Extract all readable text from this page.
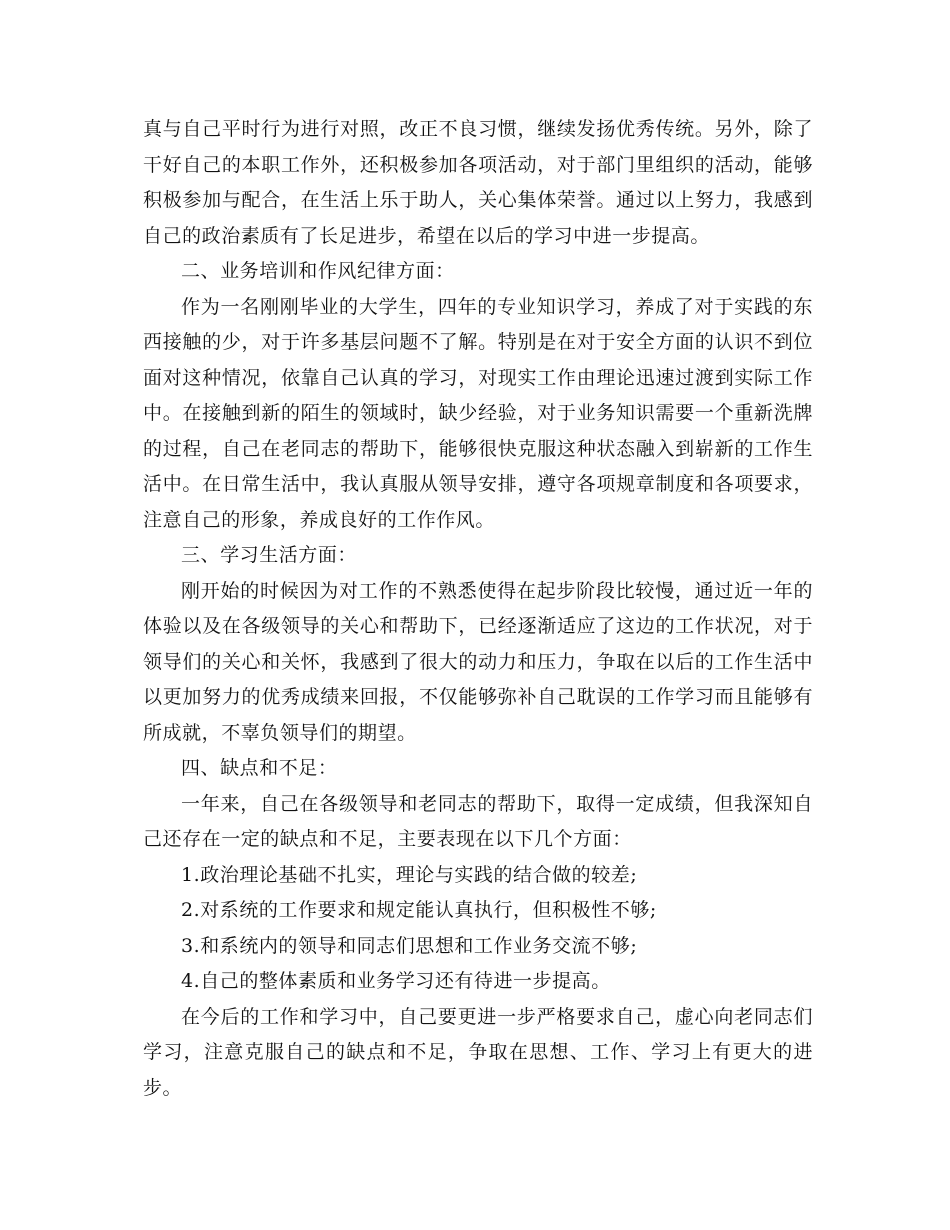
真与自己平时行为进行对照，改正不良习惯，继续发扬优秀传统。另外，除了干好自己的本职工作外，还积极参加各项活动，对于部门里组织的活动，能够积极参加与配合，在生活上乐于助人，关心集体荣誉。通过以上努力，我感到自己的政治素质有了长足进步，希望在以后的学习中进一步提高。

二、业务培训和作风纪律方面：

作为一名刚刚毕业的大学生，四年的专业知识学习，养成了对于实践的东西接触的少，对于许多基层问题不了解。特别是在对于安全方面的认识不到位面对这种情况，依靠自己认真的学习，对现实工作由理论迅速过渡到实际工作中。在接触到新的陌生的领域时，缺少经验，对于业务知识需要一个重新洗牌的过程，自己在老同志的帮助下，能够很快克服这种状态融入到崭新的工作生活中。在日常生活中，我认真服从领导安排，遵守各项规章制度和各项要求，注意自己的形象，养成良好的工作作风。

三、学习生活方面：

刚开始的时候因为对工作的不熟悉使得在起步阶段比较慢，通过近一年的体验以及在各级领导的关心和帮助下，已经逐渐适应了这边的工作状况，对于领导们的关心和关怀，我感到了很大的动力和压力，争取在以后的工作生活中以更加努力的优秀成绩来回报，不仅能够弥补自己耽误的工作学习而且能够有所成就，不辜负领导们的期望。

四、缺点和不足：

一年来，自己在各级领导和老同志的帮助下，取得一定成绩，但我深知自己还存在一定的缺点和不足，主要表现在以下几个方面：

1.政治理论基础不扎实，理论与实践的结合做的较差;

2.对系统的工作要求和规定能认真执行，但积极性不够;

3.和系统内的领导和同志们思想和工作业务交流不够;

4.自己的整体素质和业务学习还有待进一步提高。

在今后的工作和学习中，自己要更进一步严格要求自己，虚心向老同志们学习，注意克服自己的缺点和不足，争取在思想、工作、学习上有更大的进步。
